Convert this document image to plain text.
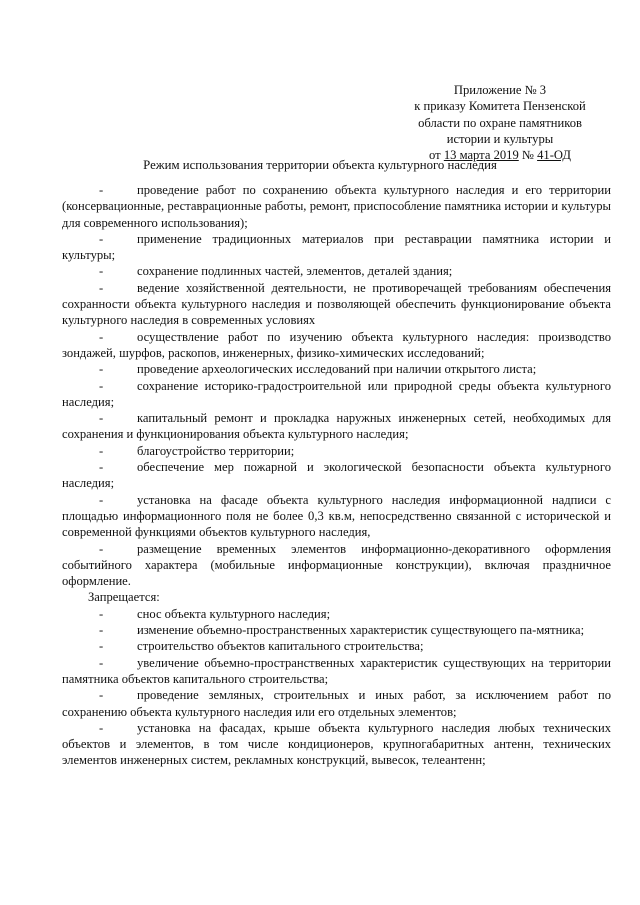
Приложение № 3
к приказу Комитета Пензенской
области по охране памятников
истории и культуры
от 13 марта 2019 № 41-ОД
Режим использования территории объекта культурного наследия

-	проведение работ по сохранению объекта культурного наследия и его территории (консервационные, реставрационные работы, ремонт, приспособление памятника истории и культуры для современного использования);

-	применение традиционных материалов при реставрации памятника истории и культуры;

-	сохранение подлинных частей, элементов, деталей здания;

-	ведение хозяйственной деятельности, не противоречащей требованиям обеспечения сохранности объекта культурного наследия и позволяющей обеспечить функционирование объекта культурного наследия в современных условиях

-	осуществление работ по изучению объекта культурного наследия: производство зондажей, шурфов, раскопов, инженерных, физико-химических исследований;

-	проведение археологических исследований при наличии открытого листа;

-	сохранение историко-градостроительной или природной среды объекта культурного наследия;

-	капитальный ремонт и прокладка наружных инженерных сетей, необходимых для сохранения и функционирования объекта культурного наследия;

-	благоустройство территории;

-	обеспечение мер пожарной и экологической безопасности объекта культурного наследия;

-	установка на фасаде объекта культурного наследия информационной надписи с площадью информационного поля не более 0,3 кв.м, непосредственно связанной с исторической и современной функциями объектов культурного наследия,

-	размещение временных элементов информационно-декоративного оформления событийного характера (мобильные информационные конструкции), включая праздничное оформление.

Запрещается:

-	снос объекта культурного наследия;

-	изменение объемно-пространственных характеристик существующего па-мятника;

-	строительство объектов капитального строительства;

-	увеличение объемно-пространственных характеристик существующих на территории памятника объектов капитального строительства;

-	проведение земляных, строительных и иных работ, за исключением работ по сохранению объекта культурного наследия или его отдельных элементов;

-	установка на фасадах, крыше объекта культурного наследия любых технических объектов и элементов, в том числе кондиционеров, крупногабаритных антенн, технических элементов инженерных систем, рекламных конструкций, вывесок, телеантенн;
